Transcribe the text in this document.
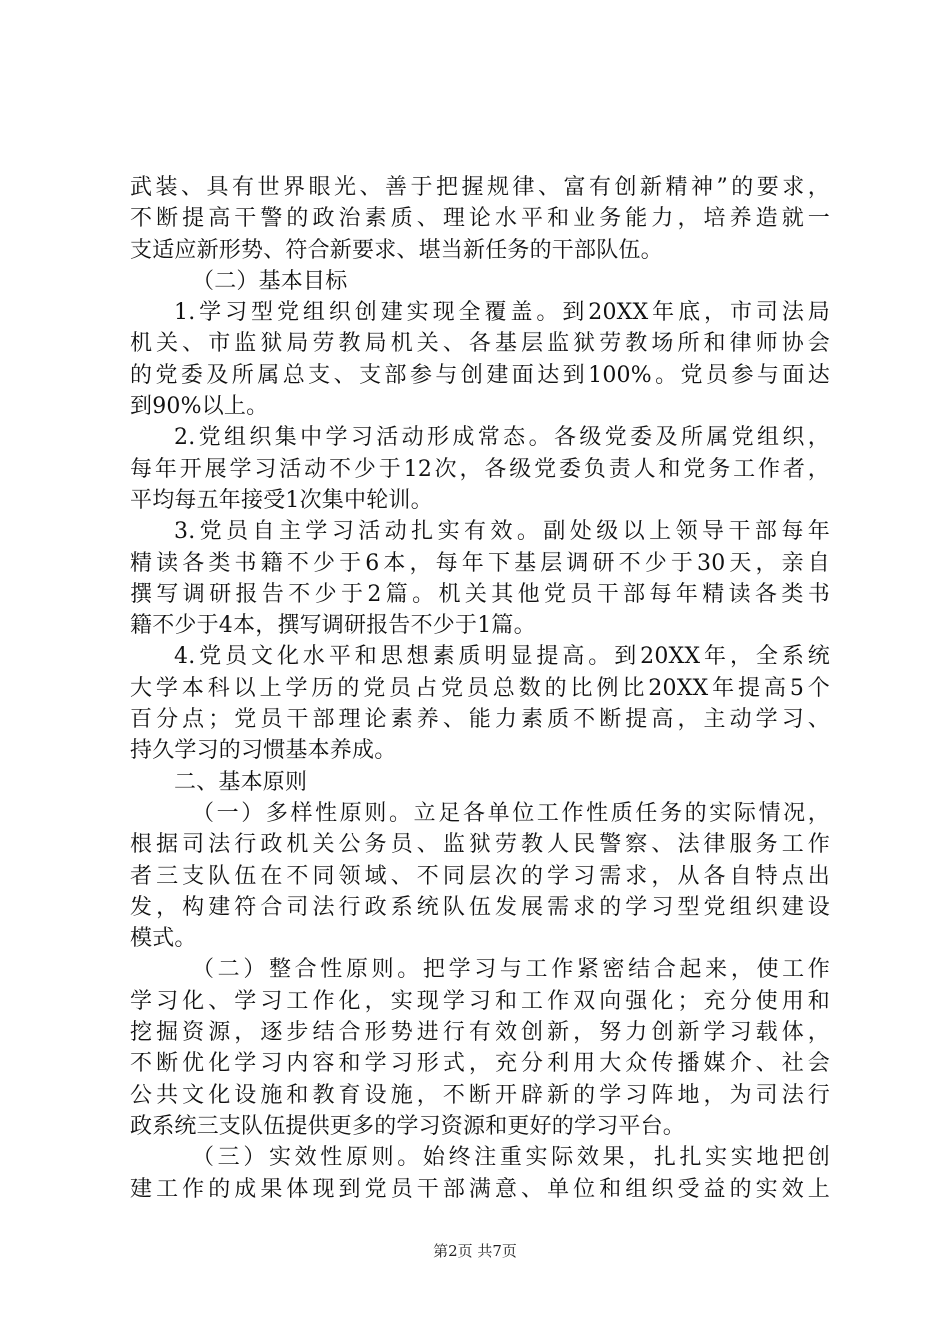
武装、具有世界眼光、善于把握规律、富有创新精神”的要求，
不断提高干警的政治素质、理论水平和业务能力，培养造就一
支适应新形势、符合新要求、堪当新任务的干部队伍。
（二）基本目标
1.学习型党组织创建实现全覆盖。到20XX年底，市司法局
机关、市监狱局劳教局机关、各基层监狱劳教场所和律师协会
的党委及所属总支、支部参与创建面达到100%。党员参与面达
到90%以上。
2.党组织集中学习活动形成常态。各级党委及所属党组织，
每年开展学习活动不少于12次，各级党委负责人和党务工作者，
平均每五年接受1次集中轮训。
3.党员自主学习活动扎实有效。副处级以上领导干部每年
精读各类书籍不少于6本，每年下基层调研不少于30天，亲自
撰写调研报告不少于2篇。机关其他党员干部每年精读各类书
籍不少于4本，撰写调研报告不少于1篇。
4.党员文化水平和思想素质明显提高。到20XX年，全系统
大学本科以上学历的党员占党员总数的比例比20XX年提高5个
百分点；党员干部理论素养、能力素质不断提高，主动学习、
持久学习的习惯基本养成。
二、基本原则
（一）多样性原则。立足各单位工作性质任务的实际情况，
根据司法行政机关公务员、监狱劳教人民警察、法律服务工作
者三支队伍在不同领域、不同层次的学习需求，从各自特点出
发，构建符合司法行政系统队伍发展需求的学习型党组织建设
模式。
（二）整合性原则。把学习与工作紧密结合起来，使工作
学习化、学习工作化，实现学习和工作双向强化；充分使用和
挖掘资源，逐步结合形势进行有效创新，努力创新学习载体，
不断优化学习内容和学习形式，充分利用大众传播媒介、社会
公共文化设施和教育设施，不断开辟新的学习阵地，为司法行
政系统三支队伍提供更多的学习资源和更好的学习平台。
（三）实效性原则。始终注重实际效果，扎扎实实地把创
建工作的成果体现到党员干部满意、单位和组织受益的实效上
第2页 共7页
